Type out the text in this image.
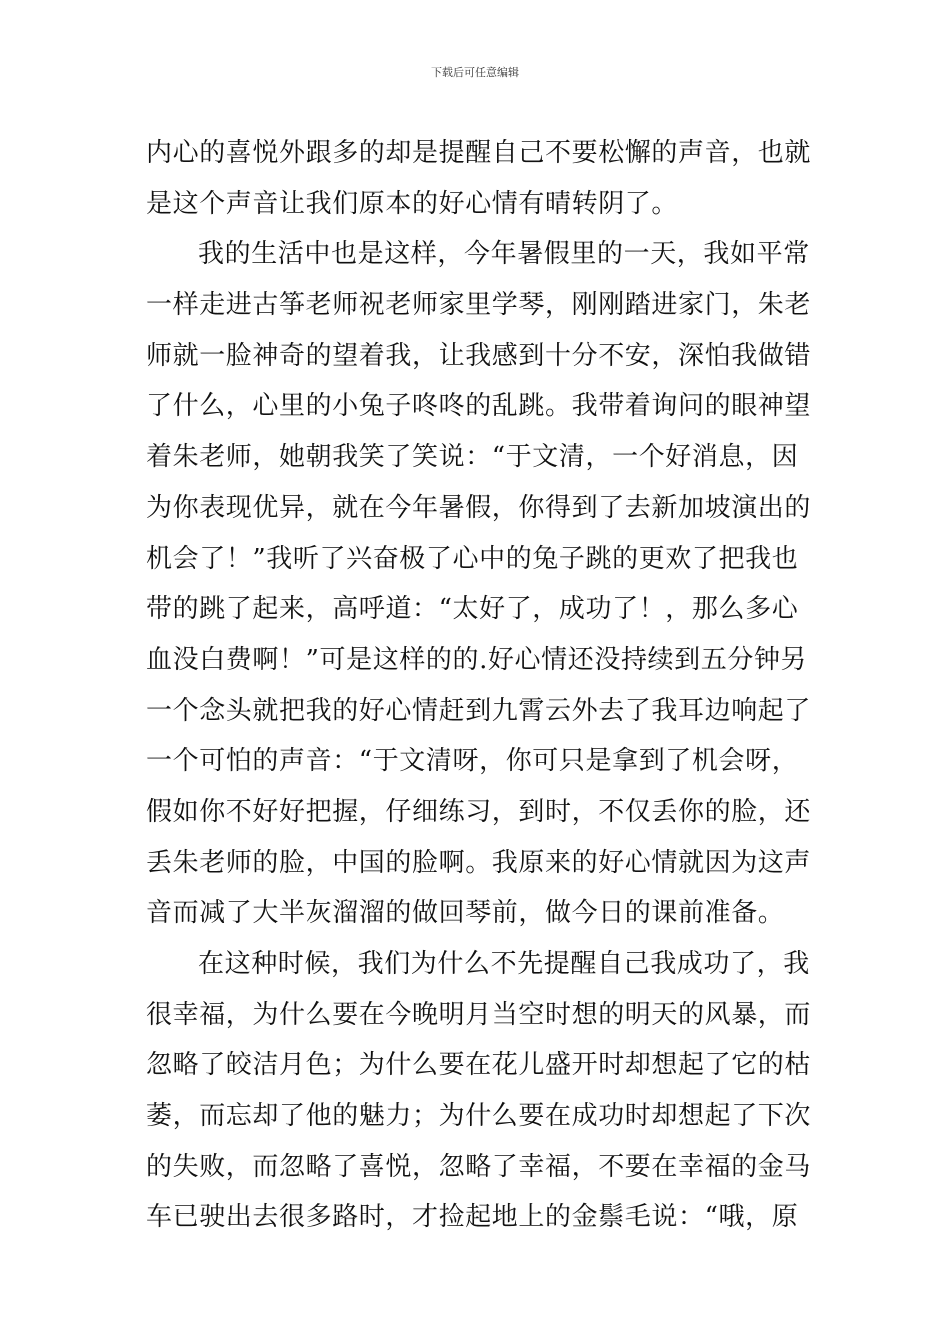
下载后可任意编辑
内心的喜悦外跟多的却是提醒自己不要松懈的声音，也就
是这个声音让我们原本的好心情有晴转阴了。
我的生活中也是这样，今年暑假里的一天，我如平常
一样走进古筝老师祝老师家里学琴，刚刚踏进家门，朱老
师就一脸神奇的望着我，让我感到十分不安，深怕我做错
了什么，心里的小兔子咚咚的乱跳。我带着询问的眼神望
着朱老师，她朝我笑了笑说：“于文清，一个好消息，因
为你表现优异，就在今年暑假，你得到了去新加坡演出的
机会了！”我听了兴奋极了心中的兔子跳的更欢了把我也
带的跳了起来，高呼道：“太好了，成功了！，那么多心
血没白费啊！”可是这样的的.好心情还没持续到五分钟另
一个念头就把我的好心情赶到九霄云外去了我耳边响起了
一个可怕的声音：“于文清呀，你可只是拿到了机会呀，
假如你不好好把握，仔细练习，到时，不仅丢你的脸，还
丢朱老师的脸，中国的脸啊。我原来的好心情就因为这声
音而减了大半灰溜溜的做回琴前，做今日的课前准备。
在这种时候，我们为什么不先提醒自己我成功了，我
很幸福，为什么要在今晚明月当空时想的明天的风暴，而
忽略了皎洁月色；为什么要在花儿盛开时却想起了它的枯
萎，而忘却了他的魅力；为什么要在成功时却想起了下次
的失败，而忽略了喜悦，忽略了幸福，不要在幸福的金马
车已驶出去很多路时，才捡起地上的金鬃毛说：“哦，原
